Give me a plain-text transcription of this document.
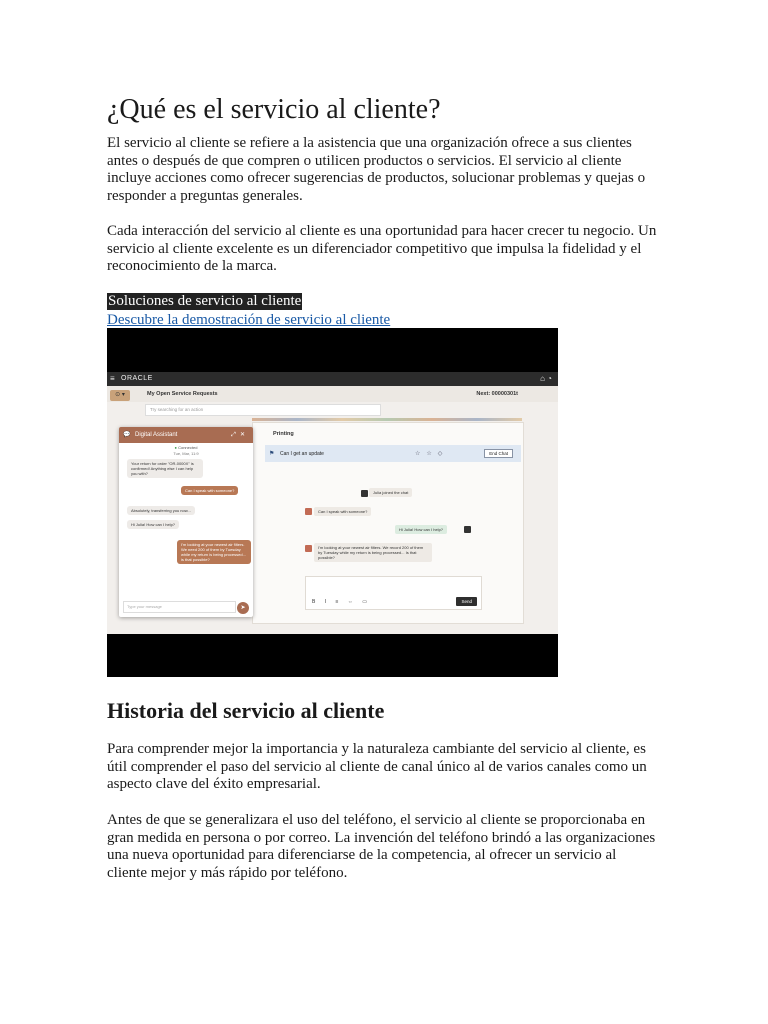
¿Qué es el servicio al cliente?
El servicio al cliente se refiere a la asistencia que una organización ofrece a sus clientes
antes o después de que compren o utilicen productos o servicios. El servicio al cliente
incluye acciones como ofrecer sugerencias de productos, solucionar problemas y quejas o
responder a preguntas generales.
Cada interacción del servicio al cliente es una oportunidad para hacer crecer tu negocio. Un
servicio al cliente excelente es un diferenciador competitivo que impulsa la fidelidad y el
reconocimiento de la marca.
Soluciones de servicio al cliente
Descubre la demostración de servicio al cliente
≡ ORACLE	⌂ ◔
⊙ ▾	My Open Service Requests	Next: 00000301t
Try searching for an action
Printing
⚑ Can I get an update	☆☆◇	End Chat
Julia joined the chat
Can I speak with someone?
Hi Julia! How can I help?
I'm looking at your newest air filters. We record 200 of them by Tuesday while my return is being processed... Is that possible?
B I ≡ ⇔ ▭	Send
💬 Digital Assistant	⤢✕
● Connected
Tue, Mar, 11:9
Your return for order "OR-0000X" is confirmed! Anything else I can help you with?
Can I speak with someone?
Absolutely, transferring you now...
Hi Julia! How can I help?
I'm looking at your newest air filters. We need 200 of them by Tuesday while my return is being processed... is that possible?
Type your message	➤
Historia del servicio al cliente
Para comprender mejor la importancia y la naturaleza cambiante del servicio al cliente, es
útil comprender el paso del servicio al cliente de canal único al de varios canales como un
aspecto clave del éxito empresarial.
Antes de que se generalizara el uso del teléfono, el servicio al cliente se proporcionaba en
gran medida en persona o por correo. La invención del teléfono brindó a las organizaciones
una nueva oportunidad para diferenciarse de la competencia, al ofrecer un servicio al
cliente mejor y más rápido por teléfono.
